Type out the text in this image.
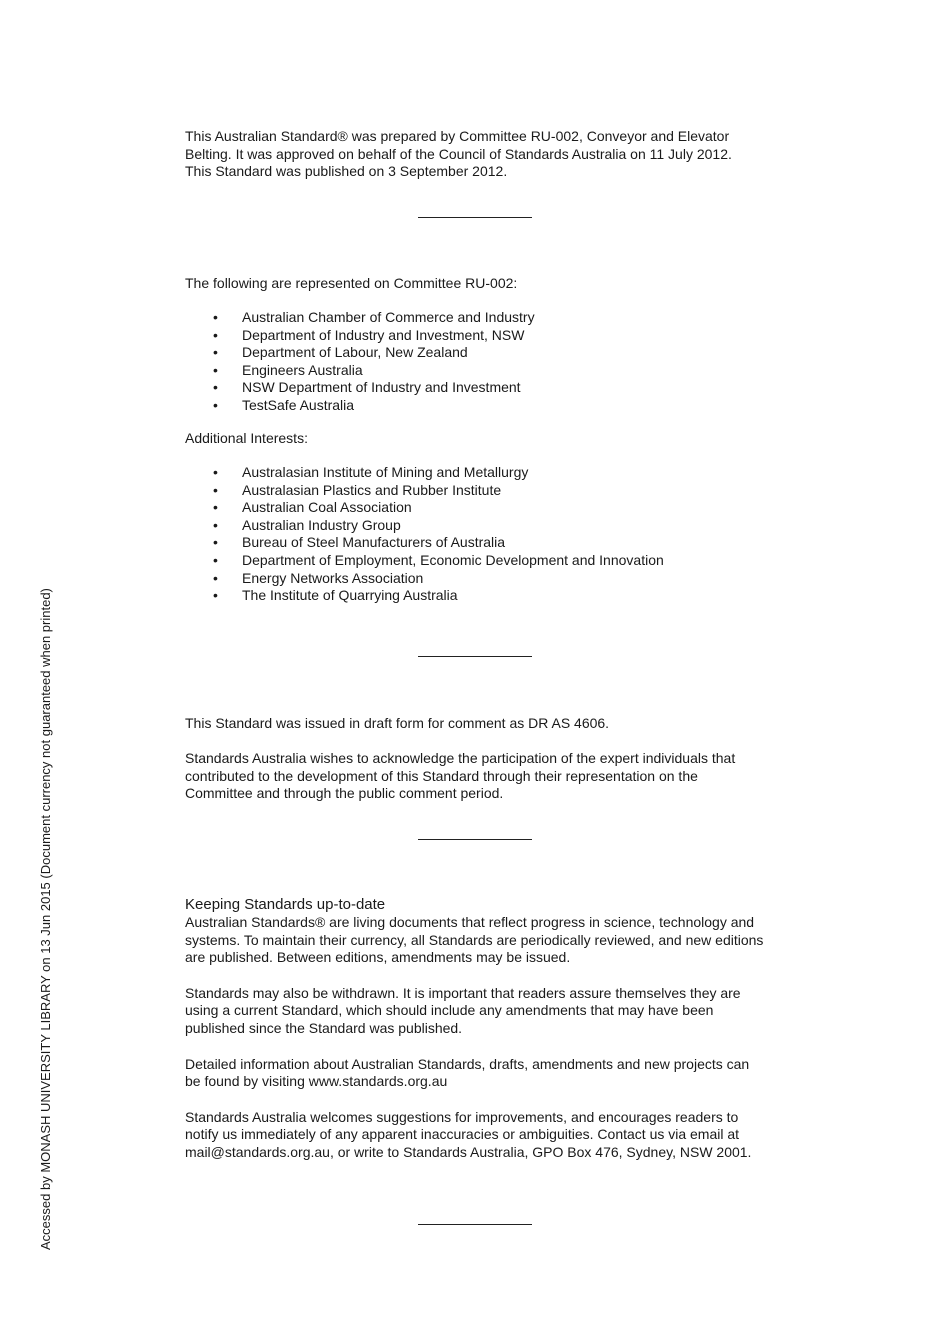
This Australian Standard® was prepared by Committee RU-002, Conveyor and Elevator
Belting. It was approved on behalf of the Council of Standards Australia on 11 July 2012.
This Standard was published on 3 September 2012.

The following are represented on Committee RU-002:

• Australian Chamber of Commerce and Industry
• Department of Industry and Investment, NSW
• Department of Labour, New Zealand
• Engineers Australia
• NSW Department of Industry and Investment
• TestSafe Australia

Additional Interests:

• Australasian Institute of Mining and Metallurgy
• Australasian Plastics and Rubber Institute
• Australian Coal Association
• Australian Industry Group
• Bureau of Steel Manufacturers of Australia
• Department of Employment, Economic Development and Innovation
• Energy Networks Association
• The Institute of Quarrying Australia

This Standard was issued in draft form for comment as DR AS 4606.

Standards Australia wishes to acknowledge the participation of the expert individuals that
contributed to the development of this Standard through their representation on the
Committee and through the public comment period.
Keeping Standards up-to-date
Australian Standards® are living documents that reflect progress in science, technology and
systems. To maintain their currency, all Standards are periodically reviewed, and new editions
are published. Between editions, amendments may be issued.
Standards may also be withdrawn. It is important that readers assure themselves they are
using a current Standard, which should include any amendments that may have been
published since the Standard was published.
Detailed information about Australian Standards, drafts, amendments and new projects can
be found by visiting www.standards.org.au
Standards Australia welcomes suggestions for improvements, and encourages readers to
notify us immediately of any apparent inaccuracies or ambiguities. Contact us via email at
mail@standards.org.au, or write to Standards Australia, GPO Box 476, Sydney, NSW 2001.
Accessed by MONASH UNIVERSITY LIBRARY on 13 Jun 2015 (Document currency not guaranteed when printed)
